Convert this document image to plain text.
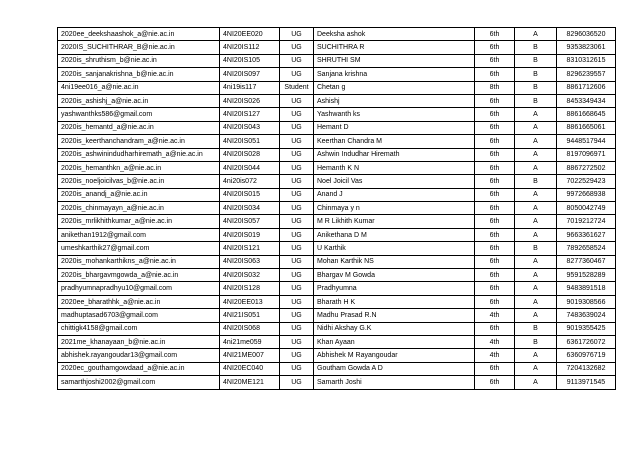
2020ee_deekshaashok_a@nie.ac.in	4NI20EE020	UG	Deeksha ashok	6th	A	8296036520
2020IS_SUCHITHRAR_B@nie.ac.in	4NI20IS112	UG	SUCHITHRA R	6th	B	9353823061
2020is_shruthism_b@nie.ac.in	4NI20IS105	UG	SHRUTHI SM	6th	B	8310312615
2020is_sanjanakrishna_b@nie.ac.in	4NI20IS097	UG	Sanjana krishna	6th	B	8296239557
4ni19ee016_a@nie.ac.in	4ni19is117	Student	Chetan g	8th	B	8861712606
2020is_ashishj_a@nie.ac.in	4NI20IS026	UG	Ashishj	6th	B	8453349434
yashwanthks586@gmail.com	4NI20IS127	UG	Yashwanth ks	6th	A	8861668645
2020is_hemantd_a@nie.ac.in	4NI20IS043	UG	Hemant D	6th	A	8861665061
2020is_keerthanchandram_a@nie.ac.in	4NI20IS051	UG	Keerthan Chandra M	6th	A	9448517944
2020is_ashwinindudharhiremath_a@nie.ac.in	4NI20IS028	UG	Ashwin Indudhar Hiremath	6th	A	8197096971
2020is_hemanthkn_a@nie.ac.in	4NI20IS044	UG	Hemanth K N	6th	A	8867272502
2020is_noeljoicilvas_b@nie.ac.in	4ni20is072	UG	Noel Joicil Vas	6th	B	7022529423
2020is_anandj_a@nie.ac.in	4NI20IS015	UG	Anand J	6th	A	9972668938
2020is_chinmayayn_a@nie.ac.in	4NI20IS034	UG	Chinmaya y n	6th	A	8050042749
2020is_mrlikhithkumar_a@nie.ac.in	4NI20IS057	UG	M R Likhith Kumar	6th	A	7019212724
anikethan1912@gmail.com	4NI20IS019	UG	Anikethana D M	6th	A	9663361627
umeshkarthik27@gmail.com	4NI20IS121	UG	U Karthik	6th	B	7892658524
2020is_mohankarthikns_a@nie.ac.in	4NI20IS063	UG	Mohan Karthik NS	6th	A	8277360467
2020is_bhargavmgowda_a@nie.ac.in	4NI20IS032	UG	Bhargav M Gowda	6th	A	9591528289
pradhyumnapradhyu10@gmail.com	4NI20IS128	UG	Pradhyumna	6th	A	9483891518
2020ee_bharathhk_a@nie.ac.in	4NI20EE013	UG	Bharath H K	6th	A	9019308566
madhuptasad6703@gmail.com	4NI21IS051	UG	Madhu Prasad R.N	4th	A	7483639024
chittigk4158@gmail.com	4NI20IS068	UG	Nidhi Akshay G.K	6th	B	9019355425
2021me_khanayaan_b@nie.ac.in	4ni21me059	UG	Khan Ayaan	4th	B	6361726072
abhishek.rayangoudar13@gmail.com	4NI21ME007	UG	Abhishek M Rayangoudar	4th	A	6360976719
2020ec_gouthamgowdaad_a@nie.ac.in	4NI20EC040	UG	Goutham Gowda A D	6th	A	7204132682
samarthjoshi2002@gmail.com	4NI20ME121	UG	Samarth Joshi	6th	A	9113971545
